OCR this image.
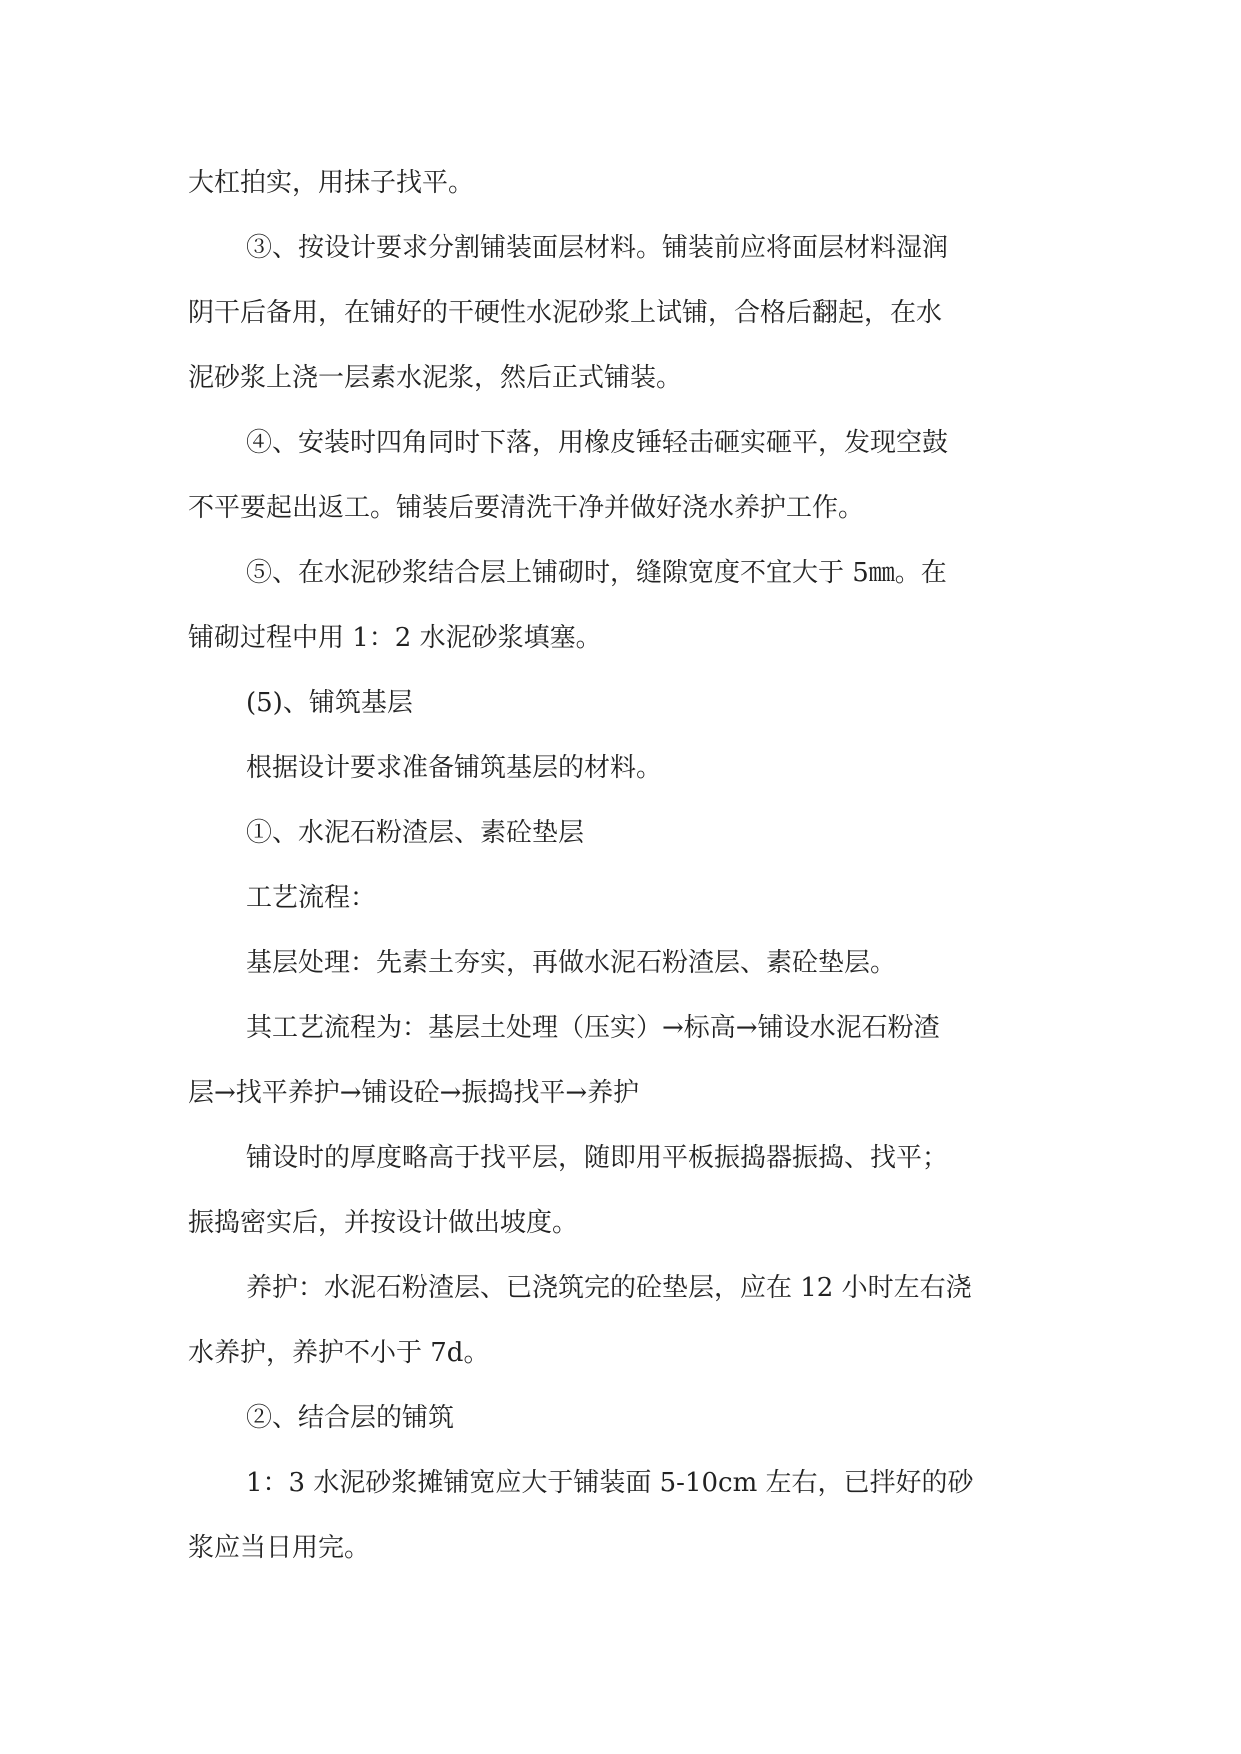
大杠拍实，用抹子找平。
③、按设计要求分割铺装面层材料。铺装前应将面层材料湿润
阴干后备用，在铺好的干硬性水泥砂浆上试铺，合格后翻起，在水
泥砂浆上浇一层素水泥浆，然后正式铺装。
④、安装时四角同时下落，用橡皮锤轻击砸实砸平，发现空鼓
不平要起出返工。铺装后要清洗干净并做好浇水养护工作。
⑤、在水泥砂浆结合层上铺砌时，缝隙宽度不宜大于 5㎜。在
铺砌过程中用 1：2 水泥砂浆填塞。
(5)、铺筑基层
根据设计要求准备铺筑基层的材料。
①、水泥石粉渣层、素砼垫层
工艺流程：
基层处理：先素土夯实，再做水泥石粉渣层、素砼垫层。
其工艺流程为：基层土处理（压实）→标高→铺设水泥石粉渣
层→找平养护→铺设砼→振捣找平→养护
铺设时的厚度略高于找平层，随即用平板振捣器振捣、找平；
振捣密实后，并按设计做出坡度。
养护：水泥石粉渣层、已浇筑完的砼垫层，应在 12 小时左右浇
水养护，养护不小于 7d。
②、结合层的铺筑
1：3 水泥砂浆摊铺宽应大于铺装面 5-10cm 左右，已拌好的砂
浆应当日用完。
